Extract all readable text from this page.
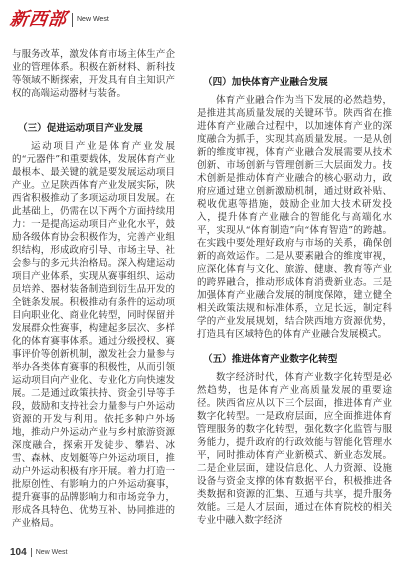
新西部 New West

与服务改革，激发体育市场主体生产企业的管理体系。积极在新材料、新科技等领域不断探索，开发具有自主知识产权的高端运动器材与装备。

（三）促进运动项目产业发展

运动项目产业是体育产业发展的“元器件”和重要载体，发展体育产业最根本、最关键的就是要发展运动项目产业。立足陕西体育产业发展实际，陕西省积极推动了多项运动项目发展。在此基础上，仍需在以下两个方面持续用力：一是提高运动项目产业化水平，鼓励各级体育协会积极作为，完善产业组织结构，形成政府引导、市场主导、社会参与的多元共治格局。深入构建运动项目产业体系，实现从赛事组织、运动员培养、器材装备制造到衍生品开发的全链条发展。积极推动有条件的运动项目向职业化、商业化转型，同时保留并发展群众性赛事，构建起多层次、多样化的体育赛事体系。通过分级授权、赛事评价等创新机制，激发社会力量参与举办各类体育赛事的积极性，从而引领运动项目向产业化、专业化方向快速发展。二是通过政策扶持、资金引导等手段，鼓励和支持社会力量参与户外运动资源的开发与利用。依托多种户外场地，推动户外运动产业与乡村旅游资源深度融合，探索开发徒步、攀岩、冰雪、森林、皮划艇等户外运动项目，推动户外运动积极有序开展。着力打造一批原创性、有影响力的户外运动赛事，提升赛事的品牌影响力和市场竞争力，形成各具特色、优势互补、协同推进的产业格局。

（四）加快体育产业融合发展

体育产业融合作为当下发展的必然趋势，是推进其高质量发展的关键环节。陕西省在推进体育产业融合过程中，以加速体育产业的深度融合为抓手，实现其高质量发展。一是从创新的维度审视，体育产业融合发展需要从技术创新、市场创新与管理创新三大层面发力。技术创新是推动体育产业融合的核心驱动力，政府应通过建立创新激励机制，通过财政补贴、税收优惠等措施，鼓励企业加大技术研发投入，提升体育产业融合的智能化与高端化水平，实现从“体育制造”向“体育智造”的跨越。在实践中要处理好政府与市场的关系，确保创新的高效运作。二是从要素融合的维度审视，应深化体育与文化、旅游、健康、教育等产业的跨界融合，推动形成体育消费新业态。三是加强体育产业融合发展的制度保障，建立健全相关政策法规和标准体系，立足长远，制定科学的产业发展规划，结合陕西地方资源优势，打造具有区域特色的体育产业融合发展模式。

（五）推进体育产业数字化转型

数字经济时代，体育产业数字化转型是必然趋势，也是体育产业高质量发展的重要途径。陕西省应从以下三个层面，推进体育产业数字化转型。一是政府层面，应全面推进体育管理服务的数字化转型，强化数字化监管与服务能力，提升政府的行政效能与智能化管理水平，同时推动体育产业新模式、新业态发展。二是企业层面，建设信息化、人力资源、设施设备与资金支撑的体育数据平台，积极推进各类数据和资源的汇集、互通与共享，提升服务效能。三是人才层面，通过在体育院校的相关专业中融入数字经济

104 New West
